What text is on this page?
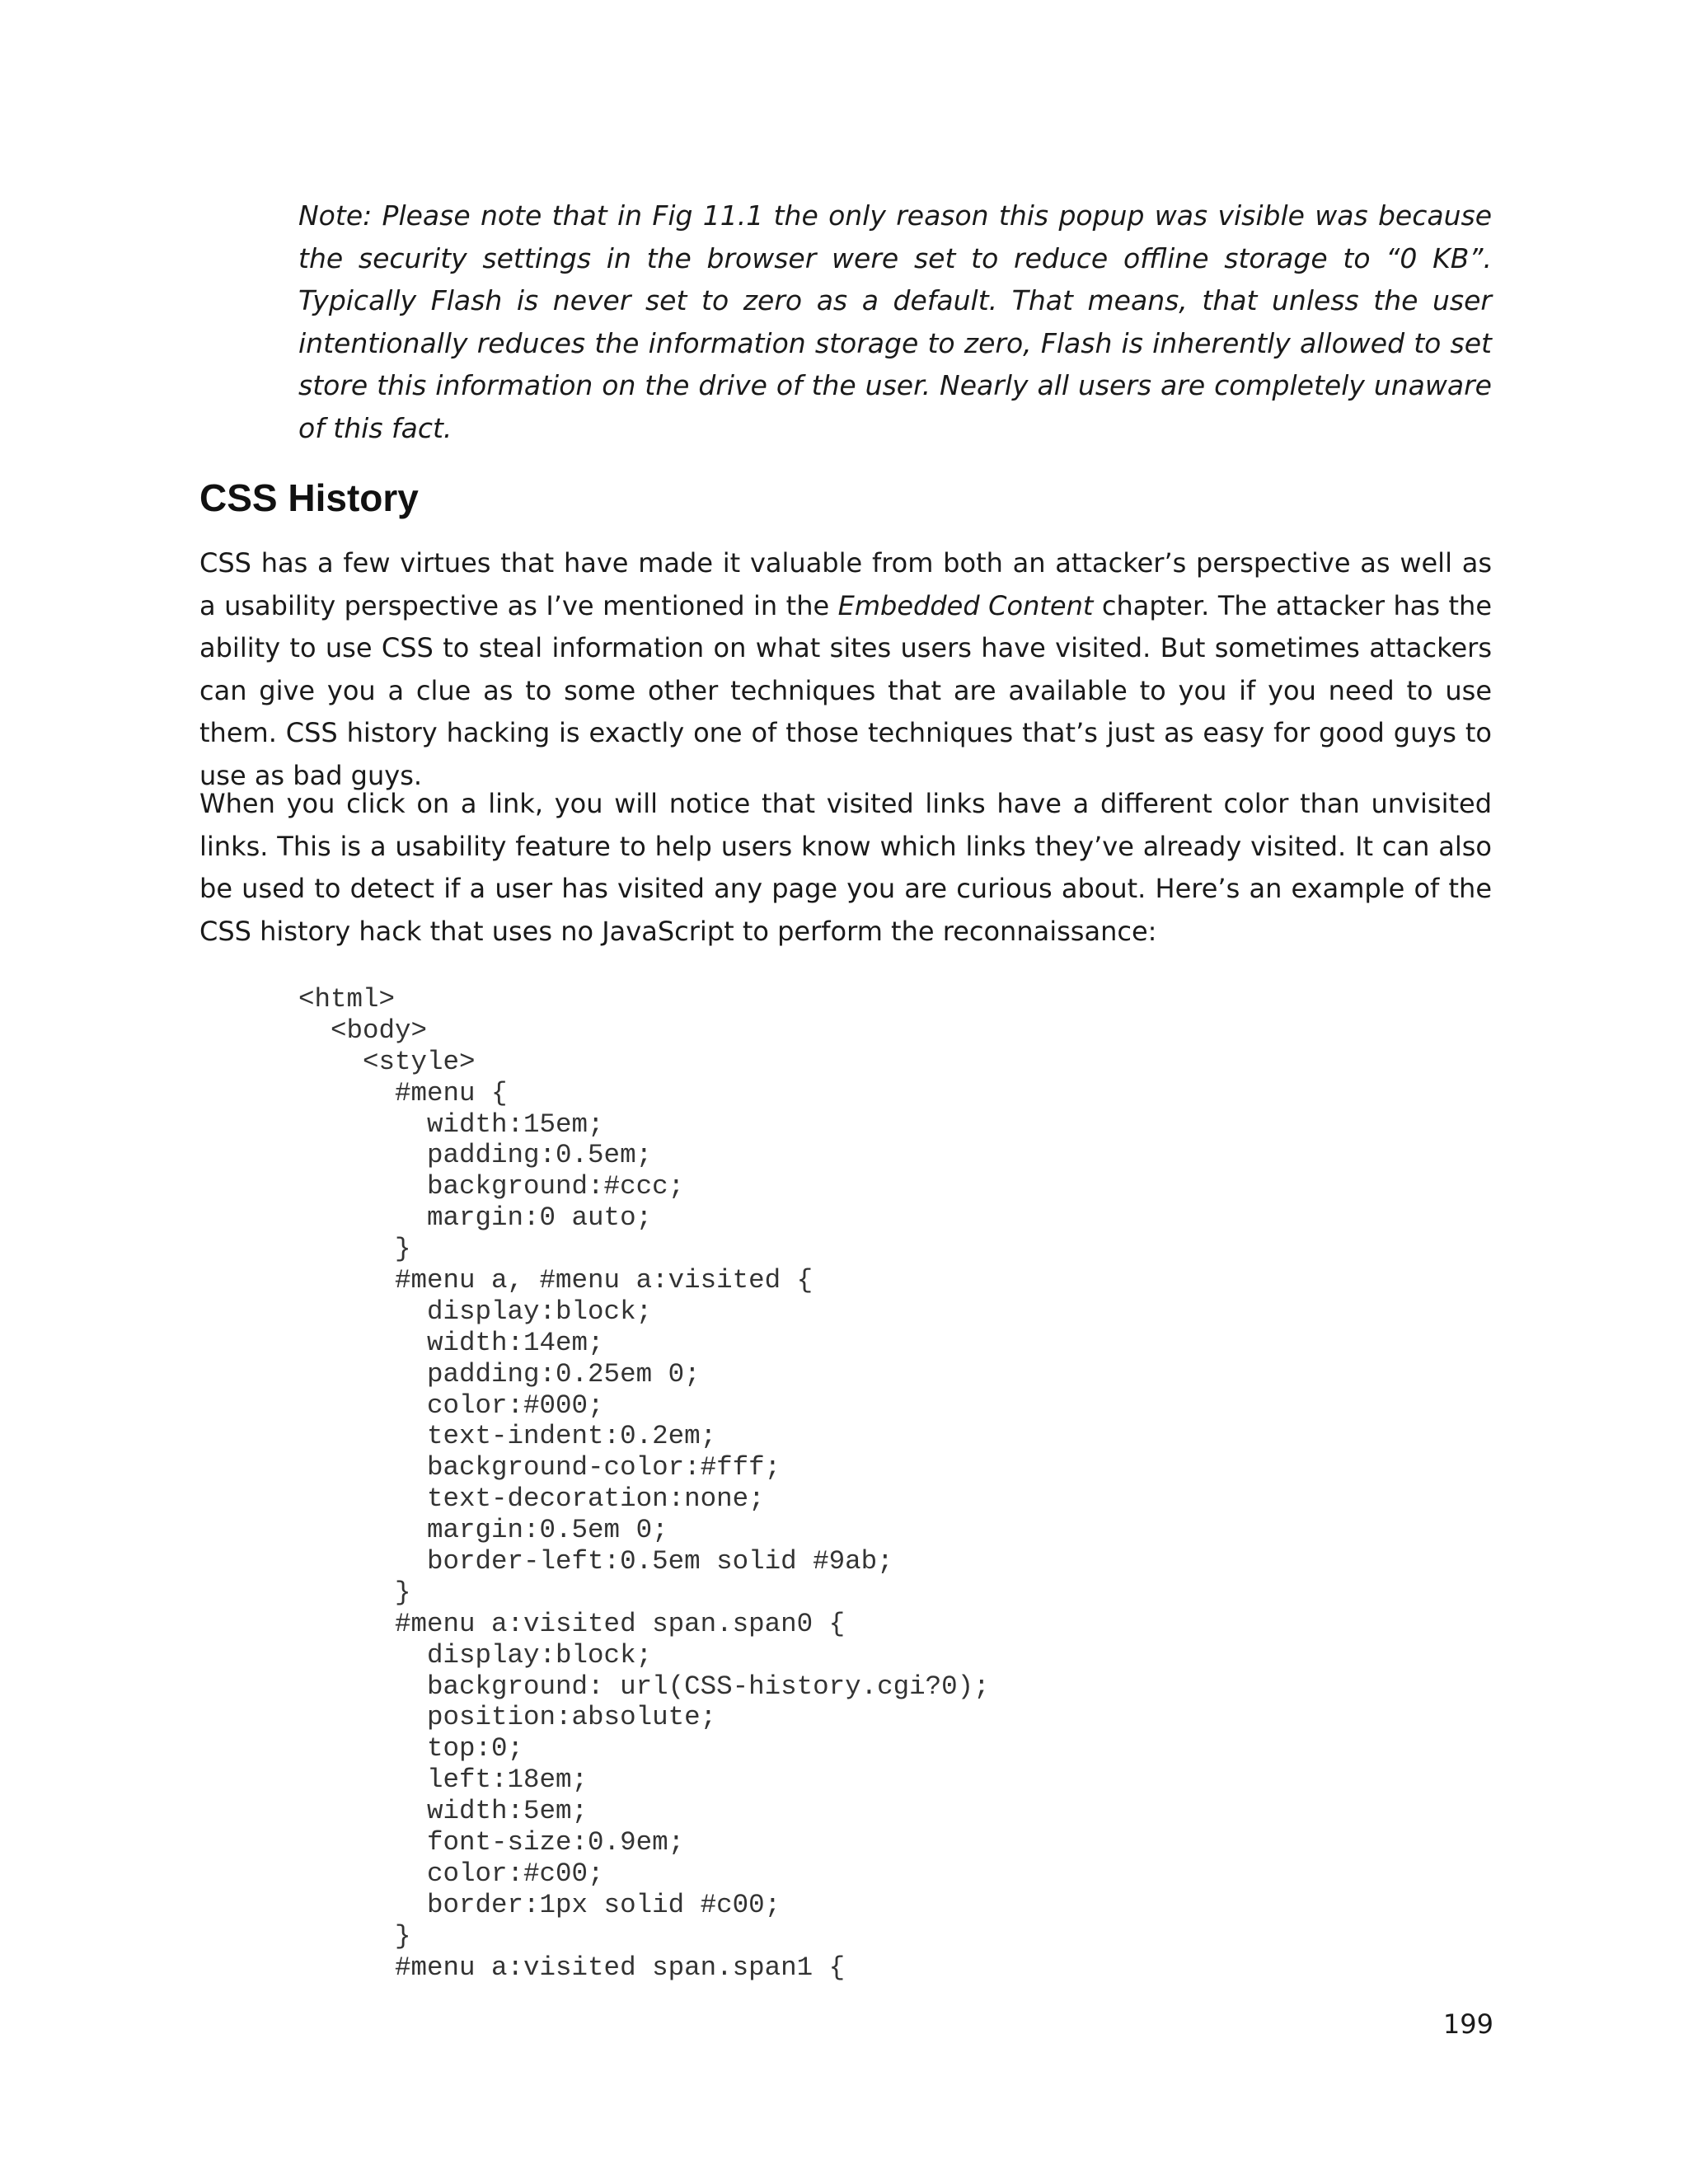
Note: Please note that in Fig 11.1 the only reason this popup was visible was because the security settings in the browser were set to reduce offline storage to “0 KB”. Typically Flash is never set to zero as a default. That means, that unless the user intentionally reduces the information storage to zero, Flash is inherently allowed to set store this information on the drive of the user. Nearly all users are completely unaware of this fact.

CSS History

CSS has a few virtues that have made it valuable from both an attacker’s perspective as well as a usability perspective as I’ve mentioned in the Embedded Content chapter. The attacker has the ability to use CSS to steal information on what sites users have visited. But sometimes attackers can give you a clue as to some other techniques that are available to you if you need to use them. CSS history hacking is exactly one of those techniques that’s just as easy for good guys to use as bad guys.

When you click on a link, you will notice that visited links have a different color than unvisited links. This is a usability feature to help users know which links they’ve already visited. It can also be used to detect if a user has visited any page you are curious about. Here’s an example of the CSS history hack that uses no JavaScript to perform the reconnaissance:

<html>
<body>
<style>
#menu {
width:15em;
padding:0.5em;
background:#ccc;
margin:0 auto;
}
#menu a, #menu a:visited {
display:block;
width:14em;
padding:0.25em 0;
color:#000;
text-indent:0.2em;
background-color:#fff;
text-decoration:none;
margin:0.5em 0;
border-left:0.5em solid #9ab;
}
#menu a:visited span.span0 {
display:block;
background: url(CSS-history.cgi?0);
position:absolute;
top:0;
left:18em;
width:5em;
font-size:0.9em;
color:#c00;
border:1px solid #c00;
}
#menu a:visited span.span1 {

199
